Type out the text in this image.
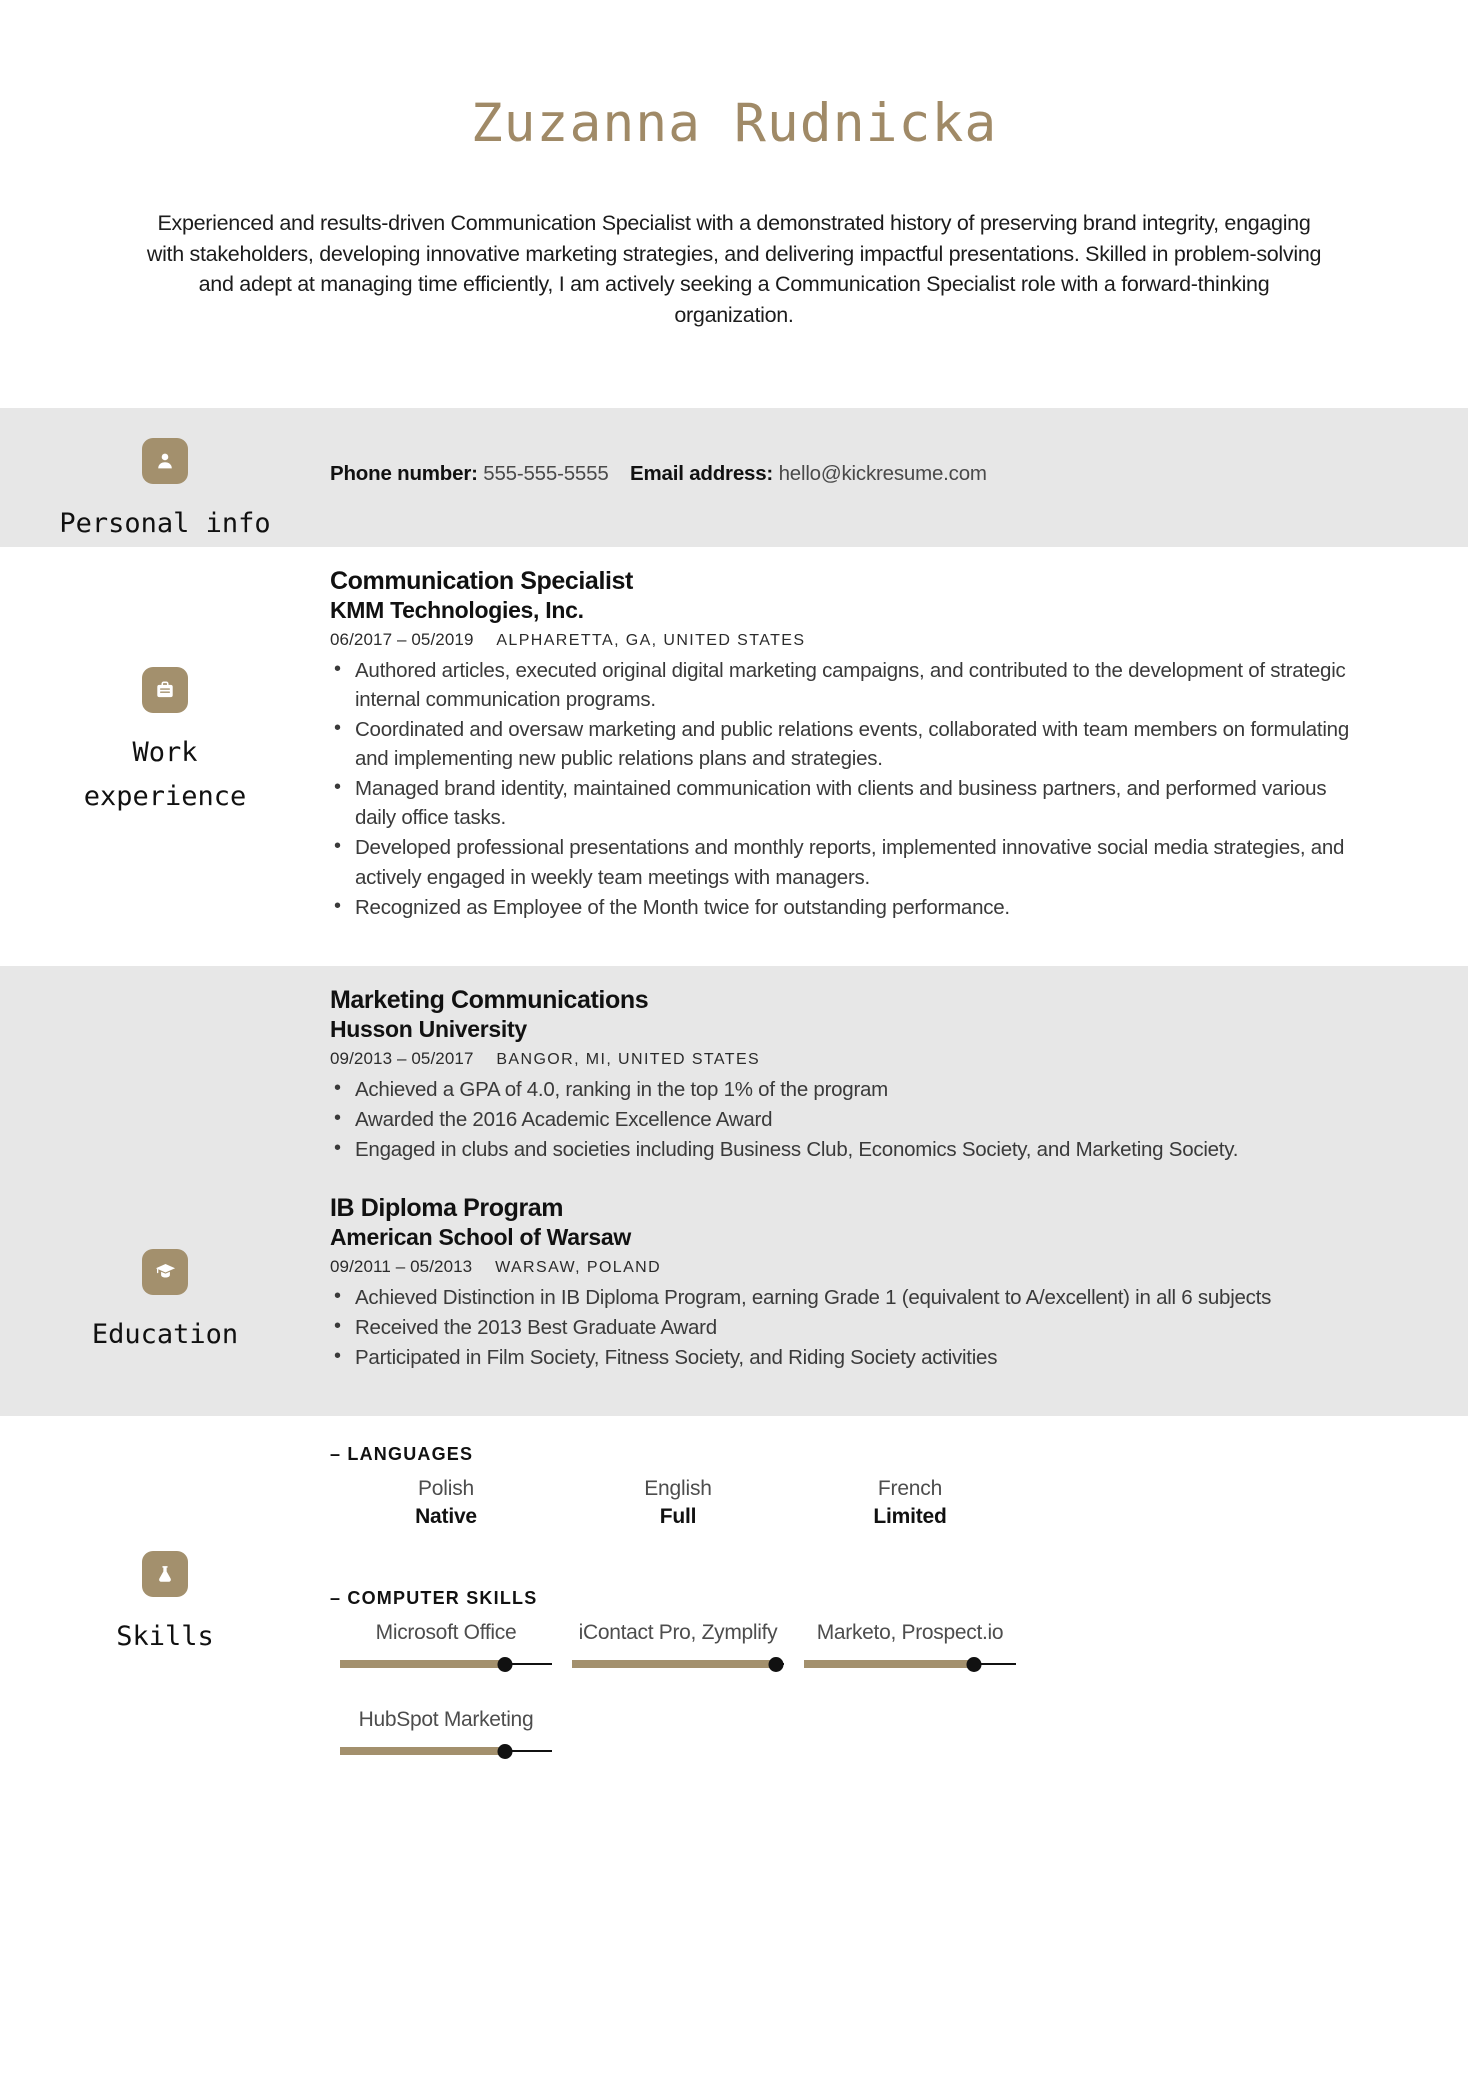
Zuzanna Rudnicka

Experienced and results-driven Communication Specialist with a demonstrated history of preserving brand integrity, engaging with stakeholders, developing innovative marketing strategies, and delivering impactful presentations. Skilled in problem-solving and adept at managing time efficiently, I am actively seeking a Communication Specialist role with a forward-thinking organization.

Personal info
Phone number: 555-555-5555 Email address: hello@kickresume.com
Work
experience
Communication Specialist
KMM Technologies, Inc.
06/2017 – 05/2019 ALPHARETTA, GA, UNITED STATES
• Authored articles, executed original digital marketing campaigns, and contributed to the development of strategic internal communication programs.
• Coordinated and oversaw marketing and public relations events, collaborated with team members on formulating and implementing new public relations plans and strategies.
• Managed brand identity, maintained communication with clients and business partners, and performed various daily office tasks.
• Developed professional presentations and monthly reports, implemented innovative social media strategies, and actively engaged in weekly team meetings with managers.
• Recognized as Employee of the Month twice for outstanding performance.
Education
Marketing Communications
Husson University
09/2013 – 05/2017 BANGOR, MI, UNITED STATES
• Achieved a GPA of 4.0, ranking in the top 1% of the program
• Awarded the 2016 Academic Excellence Award
• Engaged in clubs and societies including Business Club, Economics Society, and Marketing Society.
IB Diploma Program
American School of Warsaw
09/2011 – 05/2013 WARSAW, POLAND
• Achieved Distinction in IB Diploma Program, earning Grade 1 (equivalent to A/excellent) in all 6 subjects
• Received the 2013 Best Graduate Award
• Participated in Film Society, Fitness Society, and Riding Society activities
Skills
– LANGUAGES
Polish
Native
English
Full
French
Limited
– COMPUTER SKILLS
Microsoft Office	iContact Pro, Zymplify	Marketo, Prospect.io
HubSpot Marketing
